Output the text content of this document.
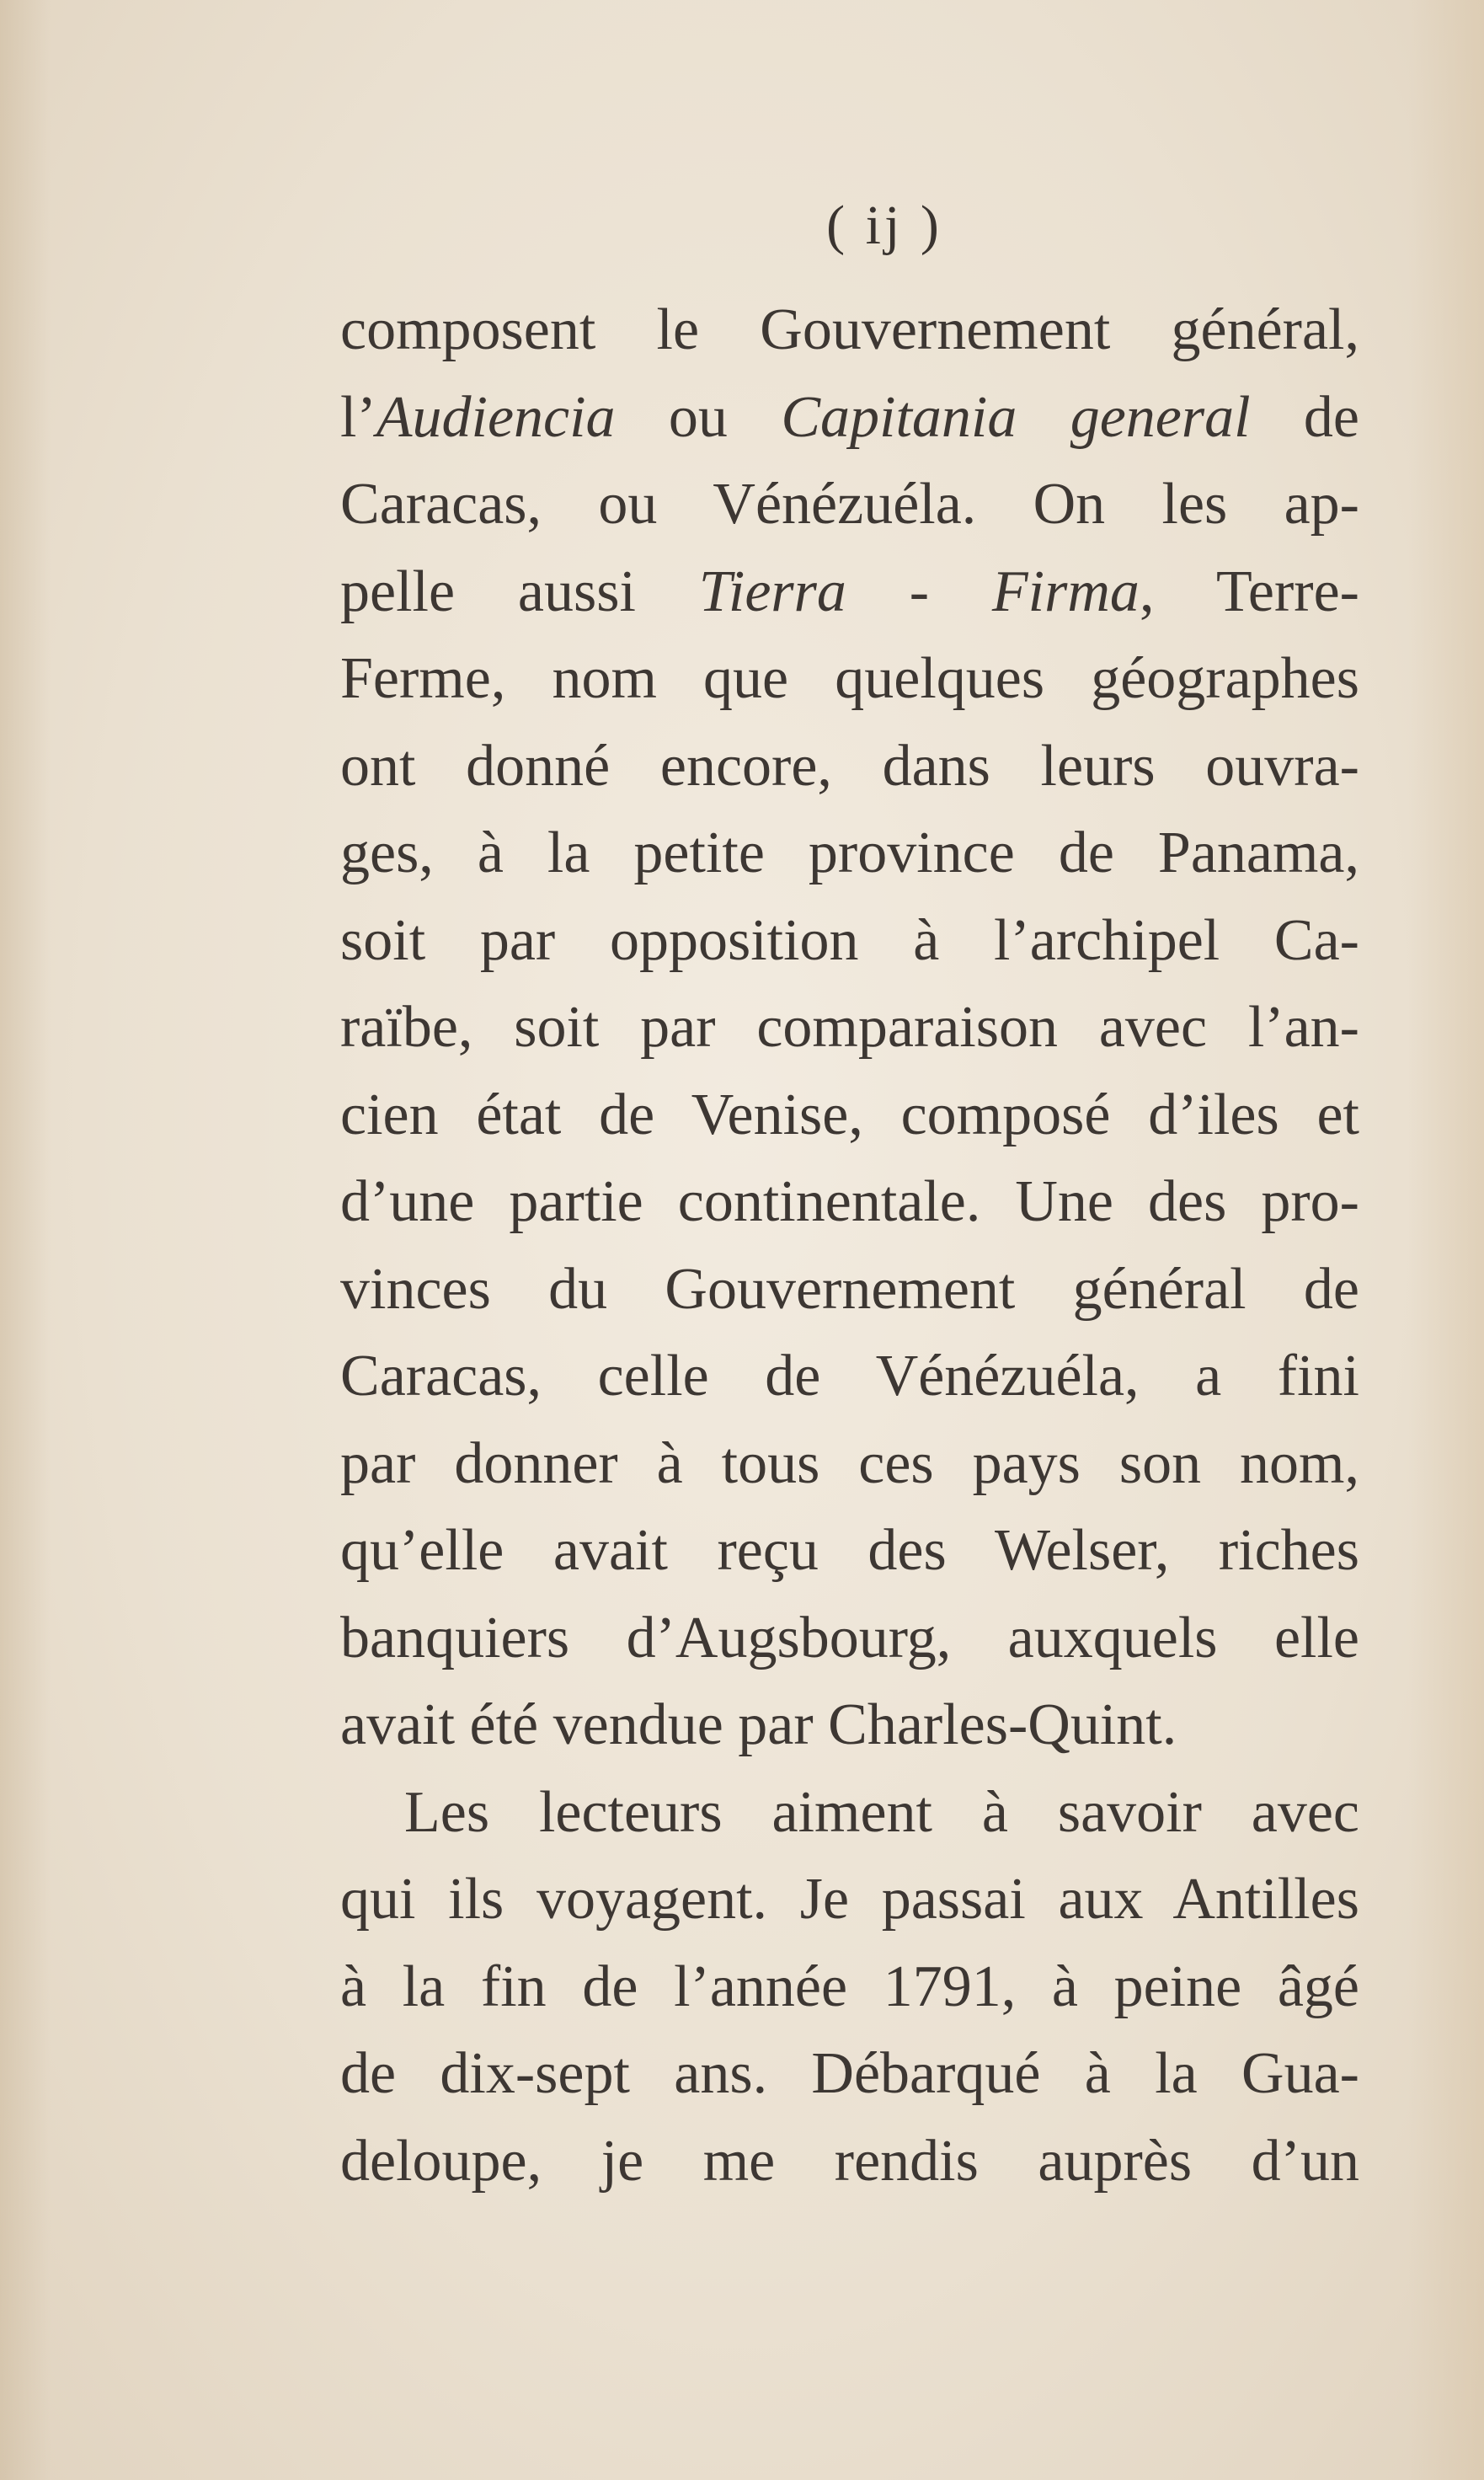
( ij )
composent le Gouvernement général,
l’Audiencia ou Capitania general de
Caracas, ou Vénézuéla. On les ap-
pelle aussi Tierra - Firma, Terre-
Ferme, nom que quelques géographes
ont donné encore, dans leurs ouvra-
ges, à la petite province de Panama,
soit par opposition à l’archipel Ca-
raïbe, soit par comparaison avec l’an-
cien état de Venise, composé d’iles et
d’une partie continentale. Une des pro-
vinces du Gouvernement général de
Caracas, celle de Vénézuéla, a fini
par donner à tous ces pays son nom,
qu’elle avait reçu des Welser, riches
banquiers d’Augsbourg, auxquels elle
avait été vendue par Charles-Quint.
Les lecteurs aiment à savoir avec
qui ils voyagent. Je passai aux Antilles
à la fin de l’année 1791, à peine âgé
de dix-sept ans. Débarqué à la Gua-
deloupe, je me rendis auprès d’un
